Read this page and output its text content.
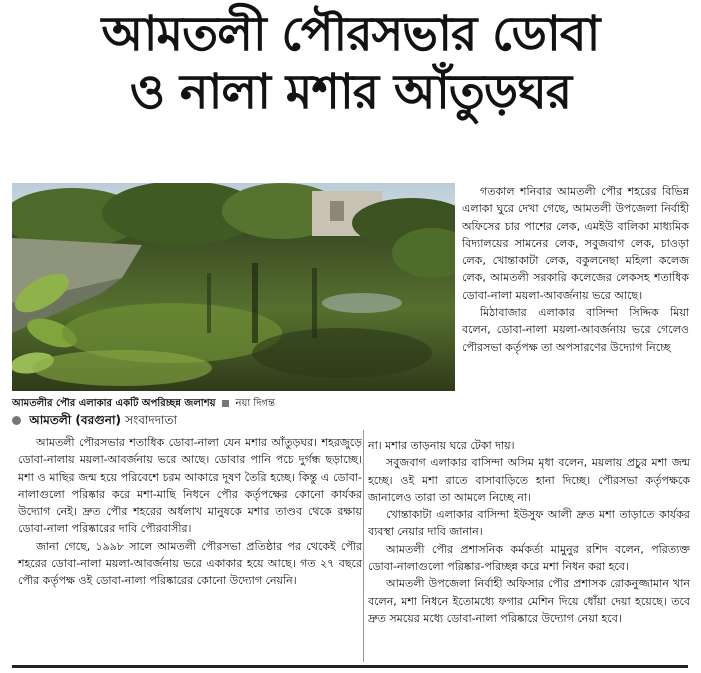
আমতলী পৌরসভার ডোবা
ও নালা মশার আঁতুড়ঘর
আমতলীর পৌর এলাকার একটি অপরিচ্ছন্ন জলাশয় নয়া দিগন্ত
আমতলী (বরগুনা) সংবাদদাতা

আমতলী পৌরসভার শতাধিক ডোবা-নালা যেন মশার আঁতুড়ঘর। শহরজুড়ে ডোবা-নালায় ময়লা-আবর্জনায় ভরে আছে। ডোবার পানি পচে দুর্গন্ধ ছড়াচ্ছে। মশা ও মাছির জন্ম হয়ে পরিবেশে চরম আকারে দূষণ তৈরি হচ্ছে। কিন্তু এ ডোবা-নালাগুলো পরিষ্কার করে মশা-মাছি নিধনে পৌর কর্তৃপক্ষের কোনো কার্যকর উদ্যোগ নেই। দ্রুত পৌর শহরের অর্ধলাখ মানুষকে মশার তাণ্ডব থেকে রক্ষায় ডোবা-নালা পরিষ্কারের দাবি পৌরবাসীর।

জানা গেছে, ১৯৯৮ সালে আমতলী পৌরসভা প্রতিষ্ঠার পর থেকেই পৌর শহরের ডোবা-নালা ময়লা-আবর্জনায় ভরে একাকার হয়ে আছে। গত ২৭ বছরে পৌর কর্তৃপক্ষ ওই ডোবা-নালা পরিষ্কারের কোনো উদ্যোগ নেয়নি।

গতকাল শনিবার আমতলী পৌর শহরের বিভিন্ন এলাকা ঘুরে দেখা গেছে, আমতলী উপজেলা নির্বাহী অফিসের চার পাশের লেক, এমইউ বালিকা মাধ্যমিক বিদ্যালয়ের সামনের লেক, সবুজবাগ লেক, চাওড়া লেক, খোন্তাকাটা লেক, বকুলনেছা মহিলা কলেজ লেক, আমতলী সরকারি কলেজের লেকসহ শতাধিক ডোবা-নালা ময়লা-আবর্জনায় ভরে আছে।

মিঠাবাজার এলাকার বাসিন্দা সিদ্দিক মিয়া বলেন, ডোবা-নালা ময়লা-আবর্জনায় ভরে গেলেও পৌরসভা কর্তৃপক্ষ তা অপসারণের উদ্যোগ নিচ্ছে

না। মশার তাড়নায় ঘরে টেকা দায়।

সবুজবাগ এলাকার বাসিন্দা অসিম মৃধা বলেন, ময়লায় প্রচুর মশা জন্ম হচ্ছে। ওই মশা রাতে বাসাবাড়িতে হানা দিচ্ছে। পৌরসভা কর্তৃপক্ষকে জানালেও তারা তা আমলে নিচ্ছে না।

খোন্তাকাটা এলাকার বাসিন্দা ইউসুফ আলী দ্রুত মশা তাড়াতে কার্যকর ব্যবস্থা নেয়ার দাবি জানান।

আমতলী পৌর প্রশাসনিক কর্মকর্তা মামুনুর রশিদ বলেন, পরিত্যক্ত ডোবা-নালাগুলো পরিষ্কার-পরিচ্ছন্ন করে মশা নিধন করা হবে।

আমতলী উপজেলা নির্বাহী অফিসার পৌর প্রশাসক রোকনুজ্জামান খান বলেন, মশা নিধনে ইতোমধ্যে ফগার মেশিন দিয়ে ধোঁয়া দেয়া হয়েছে। তবে দ্রুত সময়ের মধ্যে ডোবা-নালা পরিষ্কারে উদ্যোগ নেয়া হবে।
